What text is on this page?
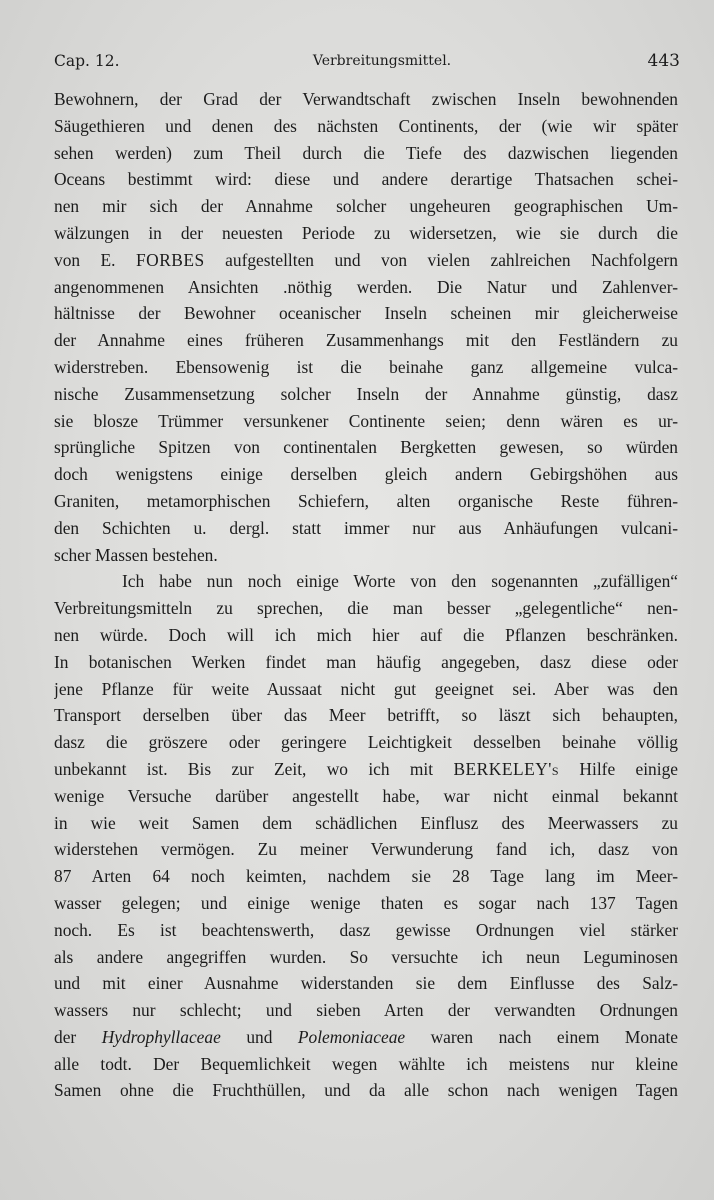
Cap. 12.	Verbreitungsmittel.	443
Bewohnern, der Grad der Verwandtschaft zwischen Inseln bewohnenden
Säugethieren und denen des nächsten Continents, der (wie wir später
sehen werden) zum Theil durch die Tiefe des dazwischen liegenden
Oceans bestimmt wird: diese und andere derartige Thatsachen schei-
nen mir sich der Annahme solcher ungeheuren geographischen Um-
wälzungen in der neuesten Periode zu widersetzen, wie sie durch die
von E. FORBES aufgestellten und von vielen zahlreichen Nachfolgern
angenommenen Ansichten .nöthig werden. Die Natur und Zahlenver-
hältnisse der Bewohner oceanischer Inseln scheinen mir gleicherweise
der Annahme eines früheren Zusammenhangs mit den Festländern zu
widerstreben. Ebensowenig ist die beinahe ganz allgemeine vulca-
nische Zusammensetzung solcher Inseln der Annahme günstig, dasz
sie blosze Trümmer versunkener Continente seien; denn wären es ur-
sprüngliche Spitzen von continentalen Bergketten gewesen, so würden
doch wenigstens einige derselben gleich andern Gebirgshöhen aus
Graniten, metamorphischen Schiefern, alten organische Reste führen-
den Schichten u. dergl. statt immer nur aus Anhäufungen vulcani-
scher Massen bestehen.
Ich habe nun noch einige Worte von den sogenannten „zufälligen“
Verbreitungsmitteln zu sprechen, die man besser „gelegentliche“ nen-
nen würde. Doch will ich mich hier auf die Pflanzen beschränken.
In botanischen Werken findet man häufig angegeben, dasz diese oder
jene Pflanze für weite Aussaat nicht gut geeignet sei. Aber was den
Transport derselben über das Meer betrifft, so läszt sich behaupten,
dasz die gröszere oder geringere Leichtigkeit desselben beinahe völlig
unbekannt ist. Bis zur Zeit, wo ich mit BERKELEY's Hilfe einige
wenige Versuche darüber angestellt habe, war nicht einmal bekannt
in wie weit Samen dem schädlichen Einflusz des Meerwassers zu
widerstehen vermögen. Zu meiner Verwunderung fand ich, dasz von
87 Arten 64 noch keimten, nachdem sie 28 Tage lang im Meer-
wasser gelegen; und einige wenige thaten es sogar nach 137 Tagen
noch. Es ist beachtenswerth, dasz gewisse Ordnungen viel stärker
als andere angegriffen wurden. So versuchte ich neun Leguminosen
und mit einer Ausnahme widerstanden sie dem Einflusse des Salz-
wassers nur schlecht; und sieben Arten der verwandten Ordnungen
der Hydrophyllaceae und Polemoniaceae waren nach einem Monate
alle todt. Der Bequemlichkeit wegen wählte ich meistens nur kleine
Samen ohne die Fruchthüllen, und da alle schon nach wenigen Tagen
